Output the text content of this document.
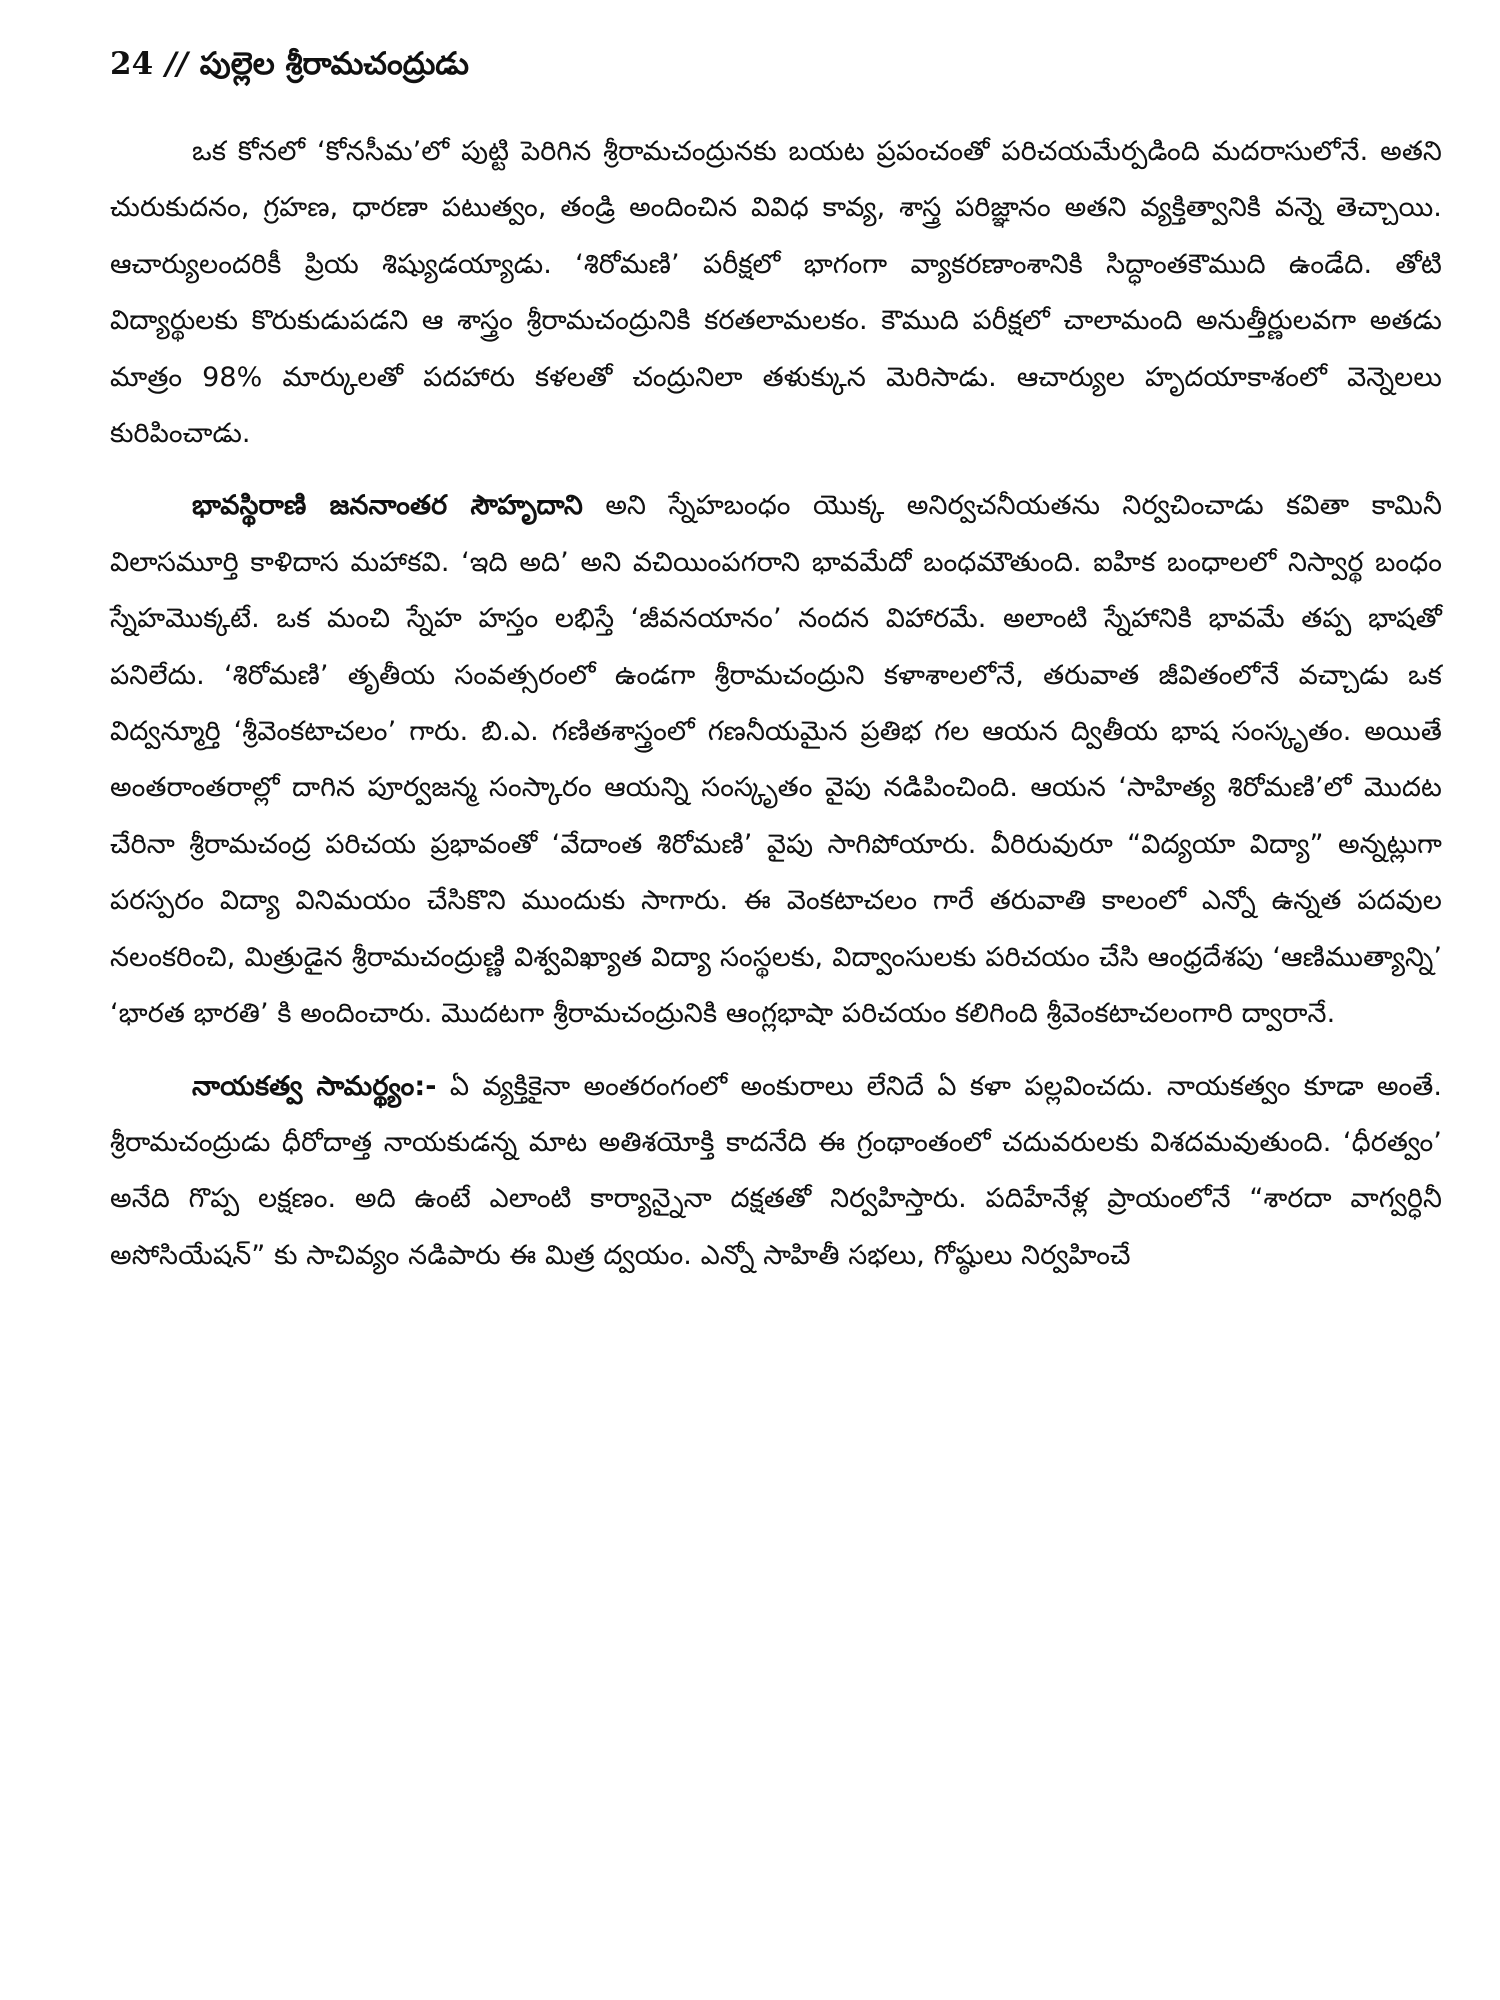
24 // పుల్లెల శ్రీరామచంద్రుడు

ఒక కోనలో ‘కోనసీమ’లో పుట్టి పెరిగిన శ్రీరామచంద్రునకు బయట ప్రపంచంతో పరిచయమేర్పడింది మదరాసులోనే. అతని చురుకుదనం, గ్రహణ, ధారణా పటుత్వం, తండ్రి అందించిన వివిధ కావ్య, శాస్త్ర పరిజ్ఞానం అతని వ్యక్తిత్వానికి వన్నె తెచ్చాయి. ఆచార్యులందరికీ ప్రియ శిష్యుడయ్యాడు. ‘శిరోమణి’ పరీక్షలో భాగంగా వ్యాకరణాంశానికి సిద్ధాంతకౌముది ఉండేది. తోటి విద్యార్థులకు కొరుకుడుపడని ఆ శాస్త్రం శ్రీరామచంద్రునికి కరతలామలకం. కౌముది పరీక్షలో చాలామంది అనుత్తీర్ణులవగా అతడు మాత్రం 98% మార్కులతో పదహారు కళలతో చంద్రునిలా తళుక్కున మెరిసాడు. ఆచార్యుల హృదయాకాశంలో వెన్నెలలు కురిపించాడు.

భావస్థిరాణి జననాంతర సౌహృదాని అని స్నేహబంధం యొక్క అనిర్వచనీయతను నిర్వచించాడు కవితా కామినీ విలాసమూర్తి కాళిదాస మహాకవి. ‘ఇది అది’ అని వచియింపగరాని భావమేదో బంధమౌతుంది. ఐహిక బంధాలలో నిస్వార్థ బంధం స్నేహమొక్కటే. ఒక మంచి స్నేహ హస్తం లభిస్తే ‘జీవనయానం’ నందన విహారమే. అలాంటి స్నేహానికి భావమే తప్ప భాషతో పనిలేదు. ‘శిరోమణి’ తృతీయ సంవత్సరంలో ఉండగా శ్రీరామచంద్రుని కళాశాలలోనే, తరువాత జీవితంలోనే వచ్చాడు ఒక విద్వన్మూర్తి ‘శ్రీవెంకటాచలం’ గారు. బి.ఎ. గణితశాస్త్రంలో గణనీయమైన ప్రతిభ గల ఆయన ద్వితీయ భాష సంస్కృతం. అయితే అంతరాంతరాల్లో దాగిన పూర్వజన్మ సంస్కారం ఆయన్ని సంస్కృతం వైపు నడిపించింది. ఆయన ‘సాహిత్య శిరోమణి’లో మొదట చేరినా శ్రీరామచంద్ర పరిచయ ప్రభావంతో ‘వేదాంత శిరోమణి’ వైపు సాగిపోయారు. వీరిరువురూ “విద్యయా విద్యా” అన్నట్లుగా పరస్పరం విద్యా వినిమయం చేసికొని ముందుకు సాగారు. ఈ వెంకటాచలం గారే తరువాతి కాలంలో ఎన్నో ఉన్నత పదవుల నలంకరించి, మిత్రుడైన శ్రీరామచంద్రుణ్ణి విశ్వవిఖ్యాత విద్యా సంస్థలకు, విద్వాంసులకు పరిచయం చేసి ఆంధ్రదేశపు ‘ఆణిముత్యాన్ని’ ‘భారత భారతి’ కి అందించారు. మొదటగా శ్రీరామచంద్రునికి ఆంగ్లభాషా పరిచయం కలిగింది శ్రీవెంకటాచలంగారి ద్వారానే.

నాయకత్వ సామర్థ్యం:- ఏ వ్యక్తికైనా అంతరంగంలో అంకురాలు లేనిదే ఏ కళా పల్లవించదు. నాయకత్వం కూడా అంతే. శ్రీరామచంద్రుడు ధీరోదాత్త నాయకుడన్న మాట అతిశయోక్తి కాదనేది ఈ గ్రంథాంతంలో చదువరులకు విశదమవుతుంది. ‘ధీరత్వం’ అనేది గొప్ప లక్షణం. అది ఉంటే ఎలాంటి కార్యాన్నైనా దక్షతతో నిర్వహిస్తారు. పదిహేనేళ్ల ప్రాయంలోనే “శారదా వాగ్వర్ధినీ అసోసియేషన్” కు సాచివ్యం నడిపారు ఈ మిత్ర ద్వయం. ఎన్నో సాహితీ సభలు, గోష్ఠులు నిర్వహించే
